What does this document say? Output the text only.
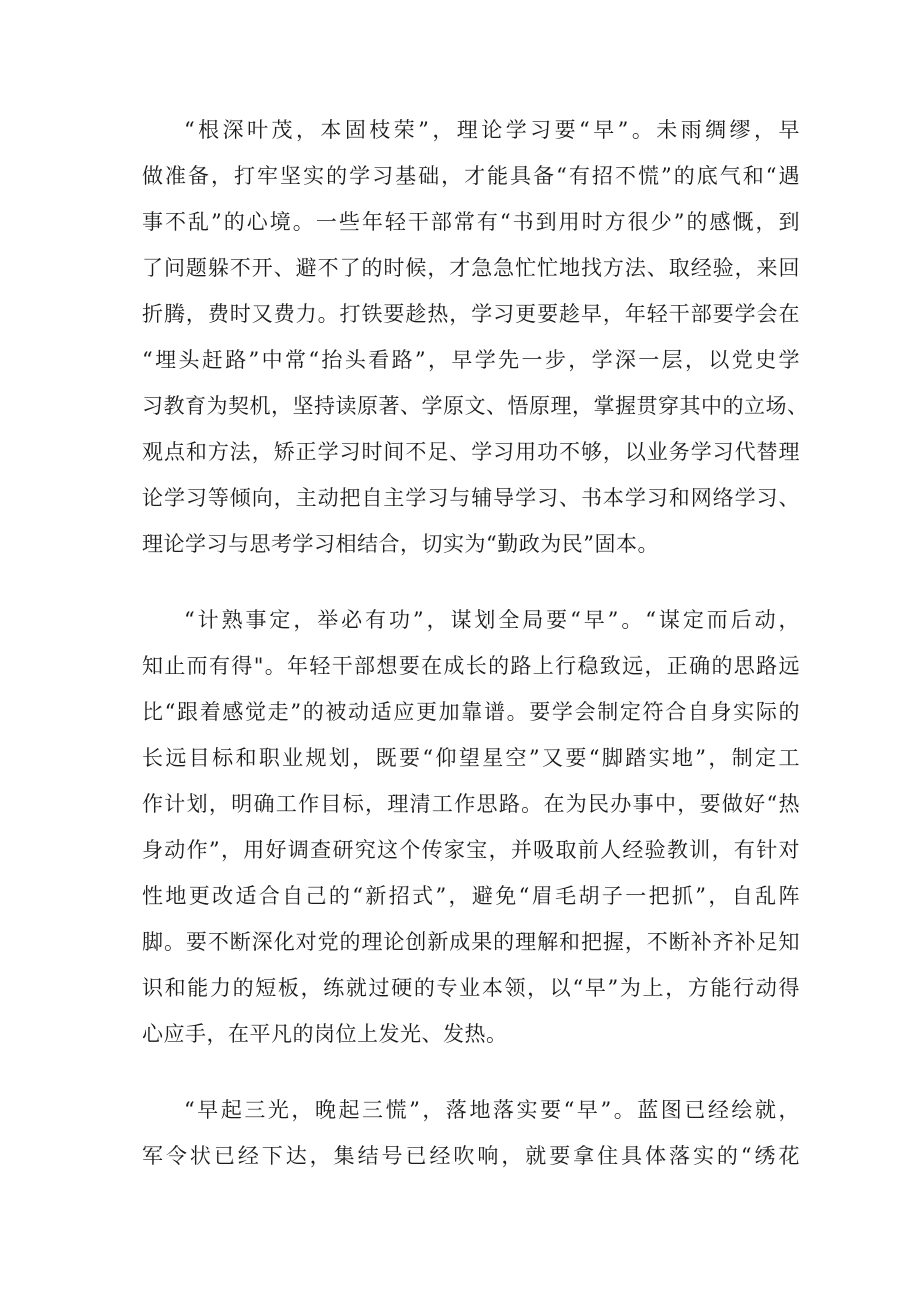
“根深叶茂，本固枝荣”，理论学习要“早”。未雨绸缪，早
做准备，打牢坚实的学习基础，才能具备“有招不慌”的底气和“遇
事不乱”的心境。一些年轻干部常有“书到用时方很少”的感慨，到
了问题躲不开、避不了的时候，才急急忙忙地找方法、取经验，来回
折腾，费时又费力。打铁要趁热，学习更要趁早，年轻干部要学会在
“埋头赶路”中常“抬头看路”，早学先一步，学深一层，以党史学
习教育为契机，坚持读原著、学原文、悟原理，掌握贯穿其中的立场、
观点和方法，矫正学习时间不足、学习用功不够，以业务学习代替理
论学习等倾向，主动把自主学习与辅导学习、书本学习和网络学习、
理论学习与思考学习相结合，切实为“勤政为民”固本。
“计熟事定，举必有功”，谋划全局要“早”。“谋定而后动，
知止而有得"。年轻干部想要在成长的路上行稳致远，正确的思路远
比“跟着感觉走”的被动适应更加靠谱。要学会制定符合自身实际的
长远目标和职业规划，既要“仰望星空”又要“脚踏实地”，制定工
作计划，明确工作目标，理清工作思路。在为民办事中，要做好“热
身动作”，用好调查研究这个传家宝，并吸取前人经验教训，有针对
性地更改适合自己的“新招式”，避免“眉毛胡子一把抓”，自乱阵
脚。要不断深化对党的理论创新成果的理解和把握，不断补齐补足知
识和能力的短板，练就过硬的专业本领，以“早”为上，方能行动得
心应手，在平凡的岗位上发光、发热。
“早起三光，晚起三慌”，落地落实要“早”。蓝图已经绘就，
军令状已经下达，集结号已经吹响，就要拿住具体落实的“绣花
